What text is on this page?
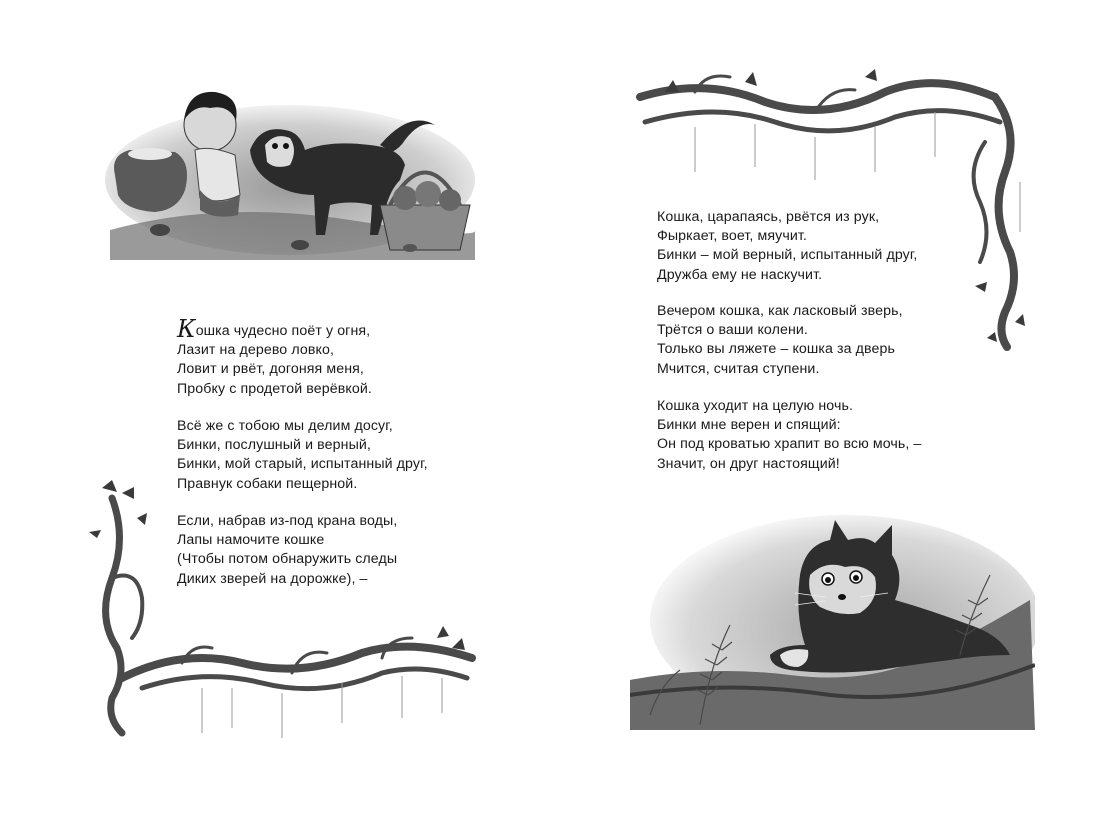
Кошка чудесно поёт у огня,
Лазит на дерево ловко,
Ловит и рвёт, догоняя меня,
Пробку с продетой верёвкой.
Всё же с тобою мы делим досуг,
Бинки, послушный и верный,
Бинки, мой старый, испытанный друг,
Правнук собаки пещерной.
Если, набрав из-под крана воды,
Лапы намочите кошке
(Чтобы потом обнаружить следы
Диких зверей на дорожке), –
Кошка, царапаясь, рвётся из рук,
Фыркает, воет, мяучит.
Бинки – мой верный, испытанный друг,
Дружба ему не наскучит.
Вечером кошка, как ласковый зверь,
Трётся о ваши колени.
Только вы ляжете – кошка за дверь
Мчится, считая ступени.
Кошка уходит на целую ночь.
Бинки мне верен и спящий:
Он под кроватью храпит во всю мочь, –
Значит, он друг настоящий!
